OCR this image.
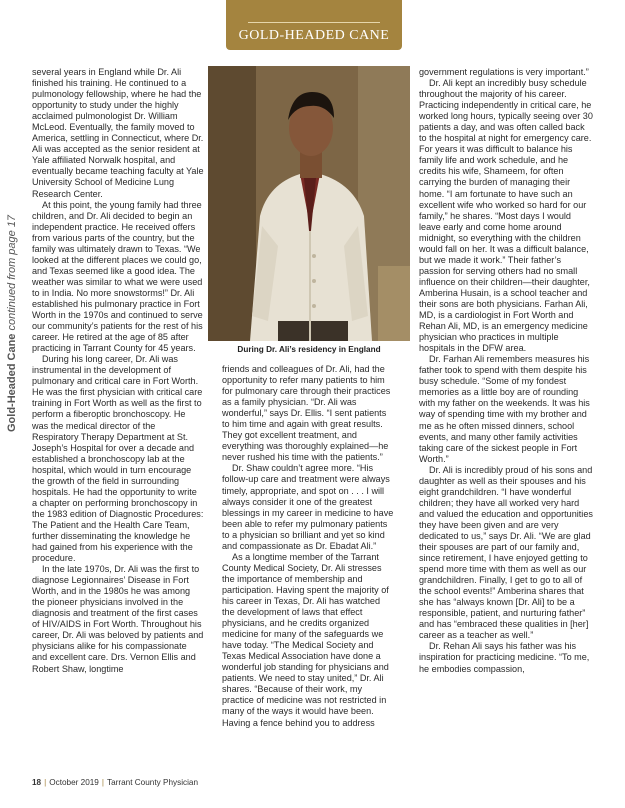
GOLD-HEADED CANE
Gold-Headed Cane continued from page 17

several years in England while Dr. Ali finished his training. He continued to a pulmonology fellowship, where he had the opportunity to study under the highly acclaimed pulmonologist Dr. William McLeod. Eventually, the family moved to America, settling in Connecticut, where Dr. Ali was accepted as the senior resident at Yale affiliated Norwalk hospital, and eventually became teaching faculty at Yale University School of Medicine Lung Research Center.

At this point, the young family had three children, and Dr. Ali decided to begin an independent practice. He received offers from various parts of the country, but the family was ultimately drawn to Texas. “We looked at the different places we could go, and Texas seemed like a good idea. The weather was similar to what we were used to in India. No more snowstorms!” Dr. Ali established his pulmonary practice in Fort Worth in the 1970s and continued to serve our community’s patients for the rest of his career. He retired at the age of 85 after practicing in Tarrant County for 45 years.

During his long career, Dr. Ali was instrumental in the development of pulmonary and critical care in Fort Worth. He was the first physician with critical care training in Fort Worth as well as the first to perform a fiberoptic bronchoscopy. He was the medical director of the Respiratory Therapy Department at St. Joseph’s Hospital for over a decade and established a bronchoscopy lab at the hospital, which would in turn encourage the growth of the field in surrounding hospitals. He had the opportunity to write a chapter on performing bronchoscopy in the 1983 edition of Diagnostic Procedures: The Patient and the Health Care Team, further disseminating the knowledge he had gained from his experience with the procedure.

In the late 1970s, Dr. Ali was the first to diagnose Legionnaires’ Disease in Fort Worth, and in the 1980s he was among the pioneer physicians involved in the diagnosis and treatment of the first cases of HIV/AIDS in Fort Worth. Throughout his career, Dr. Ali was beloved by patients and physicians alike for his compassionate and excellent care. Drs. Vernon Ellis and Robert Shaw, longtime

During Dr. Ali’s residency in England

friends and colleagues of Dr. Ali, had the opportunity to refer many patients to him for pulmonary care through their practices as a family physician. “Dr. Ali was wonderful,” says Dr. Ellis. “I sent patients to him time and again with great results. They got excellent treatment, and everything was thoroughly explained—he never rushed his time with the patients.”

Dr. Shaw couldn’t agree more. “His follow-up care and treatment were always timely, appropriate, and spot on . . . I will always consider it one of the greatest blessings in my career in medicine to have been able to refer my pulmonary patients to a physician so brilliant and yet so kind and compassionate as Dr. Ebadat Ali.”

As a longtime member of the Tarrant County Medical Society, Dr. Ali stresses the importance of membership and participation. Having spent the majority of his career in Texas, Dr. Ali has watched the development of laws that effect physicians, and he credits organized medicine for many of the safeguards we have today. “The Medical Society and Texas Medical Association have done a wonderful job standing for physicians and patients. We need to stay united,” Dr. Ali shares. “Because of their work, my practice of medicine was not restricted in many of the ways it would have been. Having a fence behind you to address

government regulations is very important.”

Dr. Ali kept an incredibly busy schedule throughout the majority of his career. Practicing independently in critical care, he worked long hours, typically seeing over 30 patients a day, and was often called back to the hospital at night for emergency care. For years it was difficult to balance his family life and work schedule, and he credits his wife, Shameem, for often carrying the burden of managing their home. “I am fortunate to have such an excellent wife who worked so hard for our family,” he shares. “Most days I would leave early and come home around midnight, so everything with the children would fall on her. It was a difficult balance, but we made it work.” Their father’s passion for serving others had no small influence on their children—their daughter, Amberina Husain, is a school teacher and their sons are both physicians. Farhan Ali, MD, is a cardiologist in Fort Worth and Rehan Ali, MD, is an emergency medicine physician who practices in multiple hospitals in the DFW area.

Dr. Farhan Ali remembers measures his father took to spend with them despite his busy schedule. “Some of my fondest memories as a little boy are of rounding with my father on the weekends. It was his way of spending time with my brother and me as he often missed dinners, school events, and many other family activities taking care of the sickest people in Fort Worth.”

Dr. Ali is incredibly proud of his sons and daughter as well as their spouses and his eight grandchildren. “I have wonderful children; they have all worked very hard and valued the education and opportunities they have been given and are very dedicated to us,” says Dr. Ali. “We are glad their spouses are part of our family and, since retirement, I have enjoyed getting to spend more time with them as well as our grandchildren. Finally, I get to go to all of the school events!” Amberina shares that she has “always known [Dr. Ali] to be a responsible, patient, and nurturing father” and has “embraced these qualities in [her] career as a teacher as well.”

Dr. Rehan Ali says his father was his inspiration for practicing medicine. “To me, he embodies compassion,

18 | October 2019 | Tarrant County Physician
